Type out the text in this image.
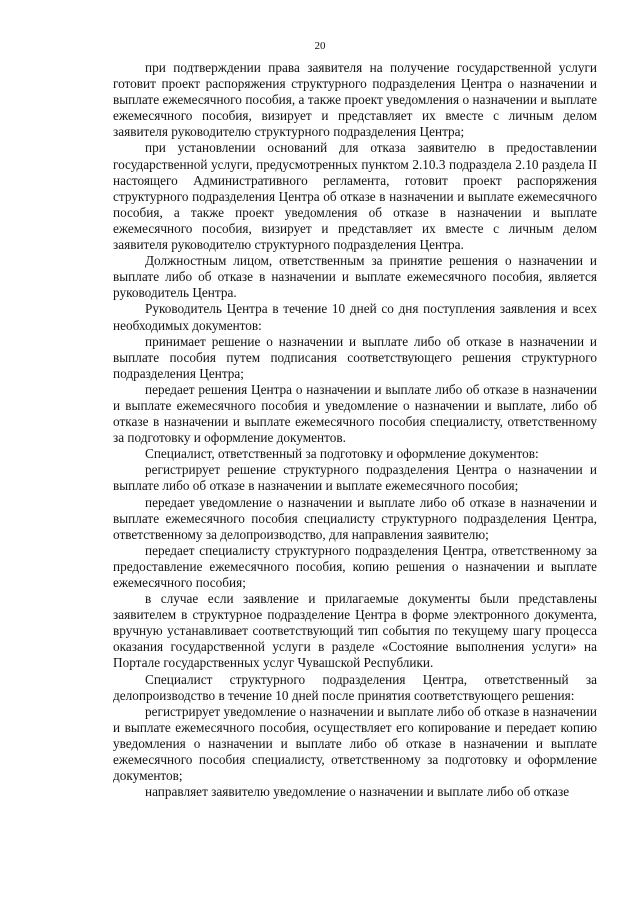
20

при подтверждении права заявителя на получение государственной услуги готовит проект распоряжения структурного подразделения Центра о назначении и выплате ежемесячного пособия, а также проект уведомления о назначении и выплате ежемесячного пособия, визирует и представляет их вместе с личным делом заявителя руководителю структурного подразделения Центра;

при установлении оснований для отказа заявителю в предоставлении государственной услуги, предусмотренных пунктом 2.10.3 подраздела 2.10 раздела II настоящего Административного регламента, готовит проект распоряжения структурного подразделения Центра об отказе в назначении и выплате ежемесячного пособия, а также проект уведомления об отказе в назначении и выплате ежемесячного пособия, визирует и представляет их вместе с личным делом заявителя руководителю структурного подразделения Центра.

Должностным лицом, ответственным за принятие решения о назначении и выплате либо об отказе в назначении и выплате ежемесячного пособия, является руководитель Центра.

Руководитель Центра в течение 10 дней со дня поступления заявления и всех необходимых документов:

принимает решение о назначении и выплате либо об отказе в назначении и выплате пособия путем подписания соответствующего решения структурного подразделения Центра;

передает решения Центра о назначении и выплате либо об отказе в назначении и выплате ежемесячного пособия и уведомление о назначении и выплате, либо об отказе в назначении и выплате ежемесячного пособия специалисту, ответственному за подготовку и оформление документов.

Специалист, ответственный за подготовку и оформление документов:

регистрирует решение структурного подразделения Центра о назначении и выплате либо об отказе в назначении и выплате ежемесячного пособия;

передает уведомление о назначении и выплате либо об отказе в назначении и выплате ежемесячного пособия специалисту структурного подразделения Центра, ответственному за делопроизводство, для направления заявителю;

передает специалисту структурного подразделения Центра, ответственному за предоставление ежемесячного пособия, копию решения о назначении и выплате ежемесячного пособия;

в случае если заявление и прилагаемые документы были представлены заявителем в структурное подразделение Центра в форме электронного документа, вручную устанавливает соответствующий тип события по текущему шагу процесса оказания государственной услуги в разделе «Состояние выполнения услуги» на Портале государственных услуг Чувашской Республики.

Специалист структурного подразделения Центра, ответственный за делопроизводство в течение 10 дней после принятия соответствующего решения:

регистрирует уведомление о назначении и выплате либо об отказе в назначении и выплате ежемесячного пособия, осуществляет его копирование и передает копию уведомления о назначении и выплате либо об отказе в назначении и выплате ежемесячного пособия специалисту, ответственному за подготовку и оформление документов;

направляет заявителю уведомление о назначении и выплате либо об отказе
